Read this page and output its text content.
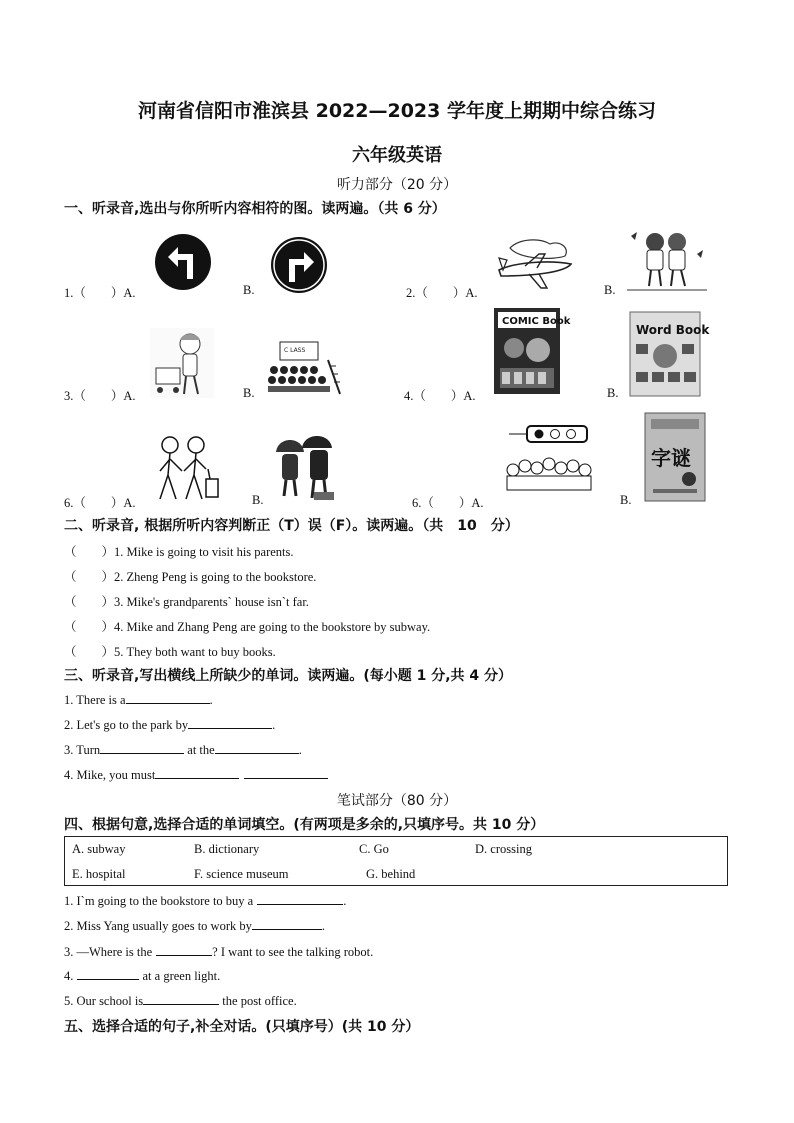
河南省信阳市淮滨县 2022—2023 学年度上期期中综合练习
六年级英语
听力部分（20 分）
一、听录音,选出与你所听内容相符的图。读两遍。（共 6 分）
1.（　　）A.	B.	2.（　　）A.	B.
3.（　　）A.	B.	4.（　　）A.	B.
C LASS
COMIC Book
Word Book
6.（　　）A.	B.	6.（　　）A.	B.
字谜
二、听录音, 根据所听内容判断正（T）误（F）。读两遍。（共　10　分）
（　　）1. Mike is going to visit his parents.
（　　）2. Zheng Peng is going to the bookstore.
（　　）3. Mike's grandparents` house isn`t far.
（　　）4. Mike and Zhang Peng are going to the bookstore by subway.
（　　）5. They both want to buy books.
三、听录音,写出横线上所缺少的单词。读两遍。(每小题 1 分,共 4 分）
1. There is a	.
2. Let's go to the park by	.
3. Turn	at the	.
4. Mike, you must
笔试部分（80 分）
四、根据句意,选择合适的单词填空。(有两项是多余的,只填序号。共 10 分）
A. subway	B. dictionary	C. Go	D. crossing
E. hospital	F. science museum	G. behind
1. I`m going to the bookstore to buy a	.
2. Miss Yang usually goes to work by	.
3. —Where is the	? I want to see the talking robot.
4.	at a green light.
5. Our school is	the post office.
五、选择合适的句子,补全对话。(只填序号）(共 10 分）
